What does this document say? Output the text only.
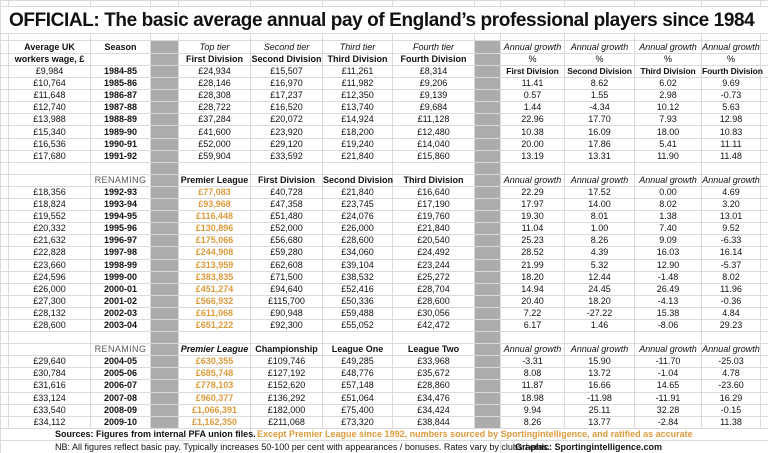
OFFICIAL: The basic average annual pay of England’s professional players since 1984													

	Average UK	Season		Top tier	Second tier	Third tier	Fourth tier		Annual growth	Annual growth	Annual growth	Annual growth	
	workers wage, £			First Division	Second Division	Third Division	Fourth Division		%	%	%	%	
	£9,984	1984-85		£24,934	£15,507	£11,261	£8,314		First Division	Second Division	Third Division	Fourth Division	
	£10,764	1985-86		£28,146	£16,970	£11,982	£9,206		11.41	8.62	6.02	9.69	
	£11,648	1986-87		£28,308	£17,237	£12,350	£9,139		0.57	1.55	2.98	-0.73	
	£12,740	1987-88		£28,722	£16,520	£13,740	£9,684		1.44	-4.34	10.12	5.63	
	£13,988	1988-89		£37,284	£20,072	£14,924	£11,128		22.96	17.70	7.93	12.98	
	£15,340	1989-90		£41,600	£23,920	£18,200	£12,480		10.38	16.09	18.00	10.83	
	£16,536	1990-91		£52,000	£29,120	£19,240	£14,040		20.00	17.86	5.41	11.11	
	£17,680	1991-92		£59,904	£33,592	£21,840	£15,860		13.19	13.31	11.90	11.48	

		RENAMING		Premier League	First Division	Second Division	Third Division		Annual growth	Annual growth	Annual growth	Annual growth	
	£18,356	1992-93		£77,083	£40,728	£21,840	£16,640		22.29	17.52	0.00	4.69	
	£18,824	1993-94		£93,968	£47,358	£23,745	£17,190		17.97	14.00	8.02	3.20	
	£19,552	1994-95		£116,448	£51,480	£24,076	£19,760		19.30	8.01	1.38	13.01	
	£20,332	1995-96		£130,896	£52,000	£26,000	£21,840		11.04	1.00	7.40	9.52	
	£21,632	1996-97		£175,066	£56,680	£28,600	£20,540		25.23	8.26	9.09	-6.33	
	£22,828	1997-98		£244,908	£59,280	£34,060	£24,492		28.52	4.39	16.03	16.14	
	£23,660	1998-99		£313,959	£62,608	£39,104	£23,244		21.99	5.32	12.90	-5.37	
	£24,596	1999-00		£383,835	£71,500	£38,532	£25,272		18.20	12.44	-1.48	8.02	
	£26,000	2000-01		£451,274	£94,640	£52,416	£28,704		14.94	24.45	26.49	11.96	
	£27,300	2001-02		£566,932	£115,700	£50,336	£28,600		20.40	18.20	-4.13	-0.36	
	£28,132	2002-03		£611,068	£90,948	£59,488	£30,056		7.22	-27.22	15.38	4.84	
	£28,600	2003-04		£651,222	£92,300	£55,052	£42,472		6.17	1.46	-8.06	29.23	

		RENAMING		Premier League	Championship	League One	League Two		Annual growth	Annual growth	Annual growth	Annual growth	
	£29,640	2004-05		£630,355	£109,746	£49,285	£33,968		-3.31	15.90	-11.70	-25.03	
	£30,784	2005-06		£685,748	£127,192	£48,776	£35,672		8.08	13.72	-1.04	4.78	
	£31,616	2006-07		£778,103	£152,620	£57,148	£28,860		11.87	16.66	14.65	-23.60	
	£33,124	2007-08		£960,377	£136,292	£51,064	£34,476		18.98	-11.98	-11.91	16.29	
	£33,540	2008-09		£1,066,391	£182,000	£75,400	£34,424		9.94	25.11	32.28	-0.15	
	£34,112	2009-10		£1,162,350	£211,068	£73,320	£38,844		8.26	13.77	-2.84	11.38	
Sources: Figures from internal PFA union files.					Except Premier League since 1992, numbers sourced by Sportingintelligence, and ratified as accurate								
NB: All figures reflect basic pay. Typically increases 50-100 per cent with appearances / bonuses. Rates vary by clubs / eras.									Graphic: Sportingintelligence.com				
